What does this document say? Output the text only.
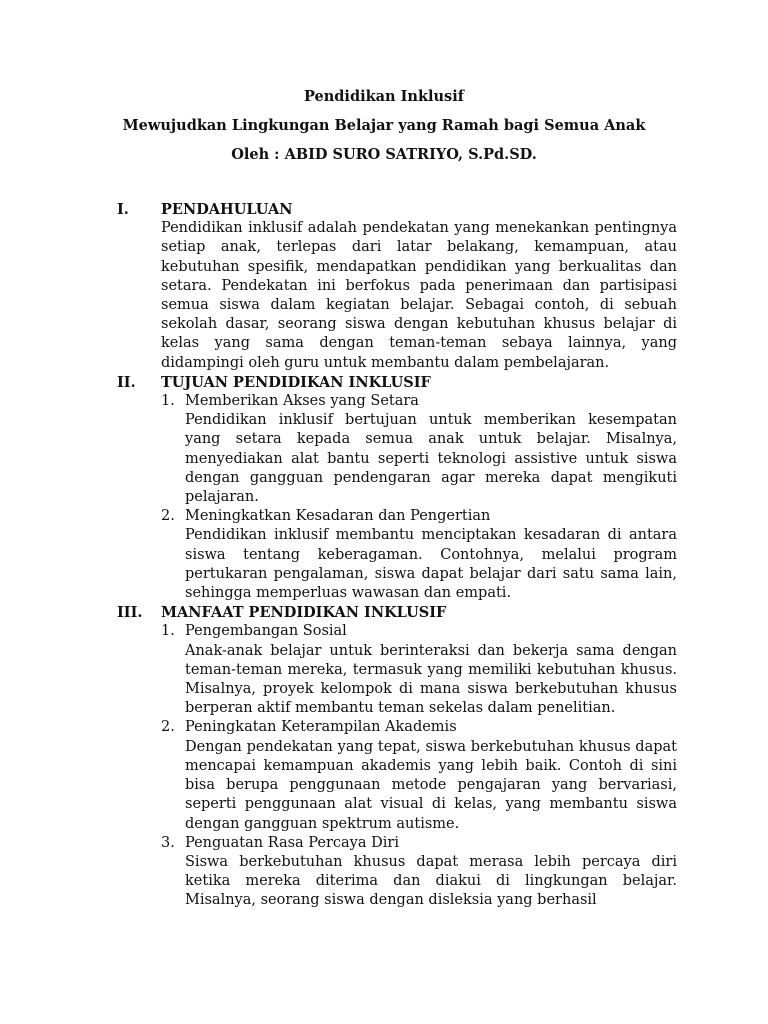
Pendidikan Inklusif

Mewujudkan Lingkungan Belajar yang Ramah bagi Semua Anak

Oleh : ABID SURO SATRIYO, S.Pd.SD.

I.	PENDAHULUAN

Pendidikan inklusif adalah pendekatan yang menekankan pentingnya setiap anak, terlepas dari latar belakang, kemampuan, atau kebutuhan spesifik, mendapatkan pendidikan yang berkualitas dan setara. Pendekatan ini berfokus pada penerimaan dan partisipasi semua siswa dalam kegiatan belajar. Sebagai contoh, di sebuah sekolah dasar, seorang siswa dengan kebutuhan khusus belajar di kelas yang sama dengan teman-teman sebaya lainnya, yang didampingi oleh guru untuk membantu dalam pembelajaran.

II.	TUJUAN PENDIDIKAN INKLUSIF
1. Memberikan Akses yang Setara

Pendidikan inklusif bertujuan untuk memberikan kesempatan yang setara kepada semua anak untuk belajar. Misalnya, menyediakan alat bantu seperti teknologi assistive untuk siswa dengan gangguan pendengaran agar mereka dapat mengikuti pelajaran.

2. Meningkatkan Kesadaran dan Pengertian

Pendidikan inklusif membantu menciptakan kesadaran di antara siswa tentang keberagaman. Contohnya, melalui program pertukaran pengalaman, siswa dapat belajar dari satu sama lain, sehingga memperluas wawasan dan empati.

III.	MANFAAT PENDIDIKAN INKLUSIF
1. Pengembangan Sosial

Anak-anak belajar untuk berinteraksi dan bekerja sama dengan teman-teman mereka, termasuk yang memiliki kebutuhan khusus. Misalnya, proyek kelompok di mana siswa berkebutuhan khusus berperan aktif membantu teman sekelas dalam penelitian.

2. Peningkatan Keterampilan Akademis

Dengan pendekatan yang tepat, siswa berkebutuhan khusus dapat mencapai kemampuan akademis yang lebih baik. Contoh di sini bisa berupa penggunaan metode pengajaran yang bervariasi, seperti penggunaan alat visual di kelas, yang membantu siswa dengan gangguan spektrum autisme.

3. Penguatan Rasa Percaya Diri

Siswa berkebutuhan khusus dapat merasa lebih percaya diri ketika mereka diterima dan diakui di lingkungan belajar. Misalnya, seorang siswa dengan disleksia yang berhasil
